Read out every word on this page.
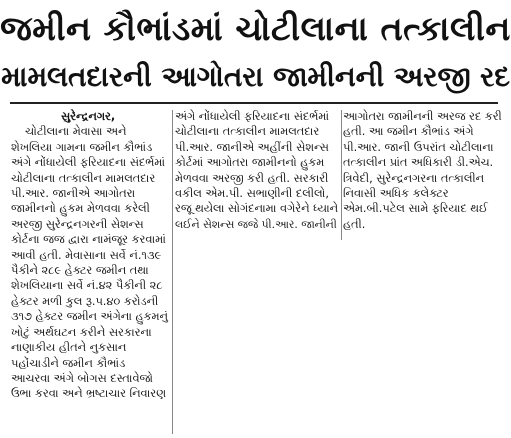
જમીન કૌભાંડમાં ચોટીલાના તત્કાલીન
મામલતદારની આગોતરા જામીનની અરજી રદ
સુરેન્દ્રનગર,
ચોટીલાના મેવાસા અને
શેખલિયા ગામના જમીન કૌભાંડ
અંગે નોંધાયેલી ફરિયાદના સંદર્ભમાં
ચોટીલાના તત્કાલીન મામલતદાર
પી.આર. જાનીએ આગોતરા
જામીનનો હુકમ મેળવવા કરેલી
અરજી સુરેન્દ્રનગરની સેશન્સ
કોર્ટના જજ દ્વારા નામંજૂર કરવામાં
આવી હતી. મેવાસાના સર્વે નં.૧૩૯
પૈકીને ૨૮૯ હેક્ટર જમીન તથા
શેખલિયાના સર્વે નં.૪૨ પૈકીની ૨૮
હેક્ટર મળી કુલ રૂ.પ.૪૦ કરોડની
૩૧૭ હેક્ટર જમીન અંગેના હુકમનું
ખોટું અર્થઘટન કરીને સરકારના
નાણાકીય હીતને નુકસાન
પહોંચાડીને જમીન કૌભાંડ
આચરવા અંગે બોગસ દસ્તાવેજો
ઉભા કરવા અને ભ્રષ્ટાચાર નિવારણ
અંગે નોંધાયેલી ફરિયાદના સંદર્ભમાં
ચોટીલાના તત્કાલીન મામલતદાર
પી.આર. જાનીએ અહીંની સેશન્સ
કોર્ટમાં આગોતરા જામીનનો હુકમ
મેળવવા અરજી કરી હતી. સરકારી
વકીલ એમ.પી. સભાણીની દલીલો,
રજૂ થયેલા સોગંદનામા વગેરેને ધ્યાને
લઈને સેશન્સ જજે પી.આર. જાનીની
આગોતરા જામીનની અરજ રદ કરી
હતી. આ જમીન કૌભાંડ અંગે
પી.આર. જાની ઉપરાંત ચોટીલાના
તત્કાલીન પ્રાંત અધિકારી ડી.એચ.
ત્રિવેદી, સુરેન્દ્રનગરના તત્કાલીન
નિવાસી અધિક કલેક્ટર
એમ.બી.પટેલ સામે ફરિયાદ થઈ
હતી.
